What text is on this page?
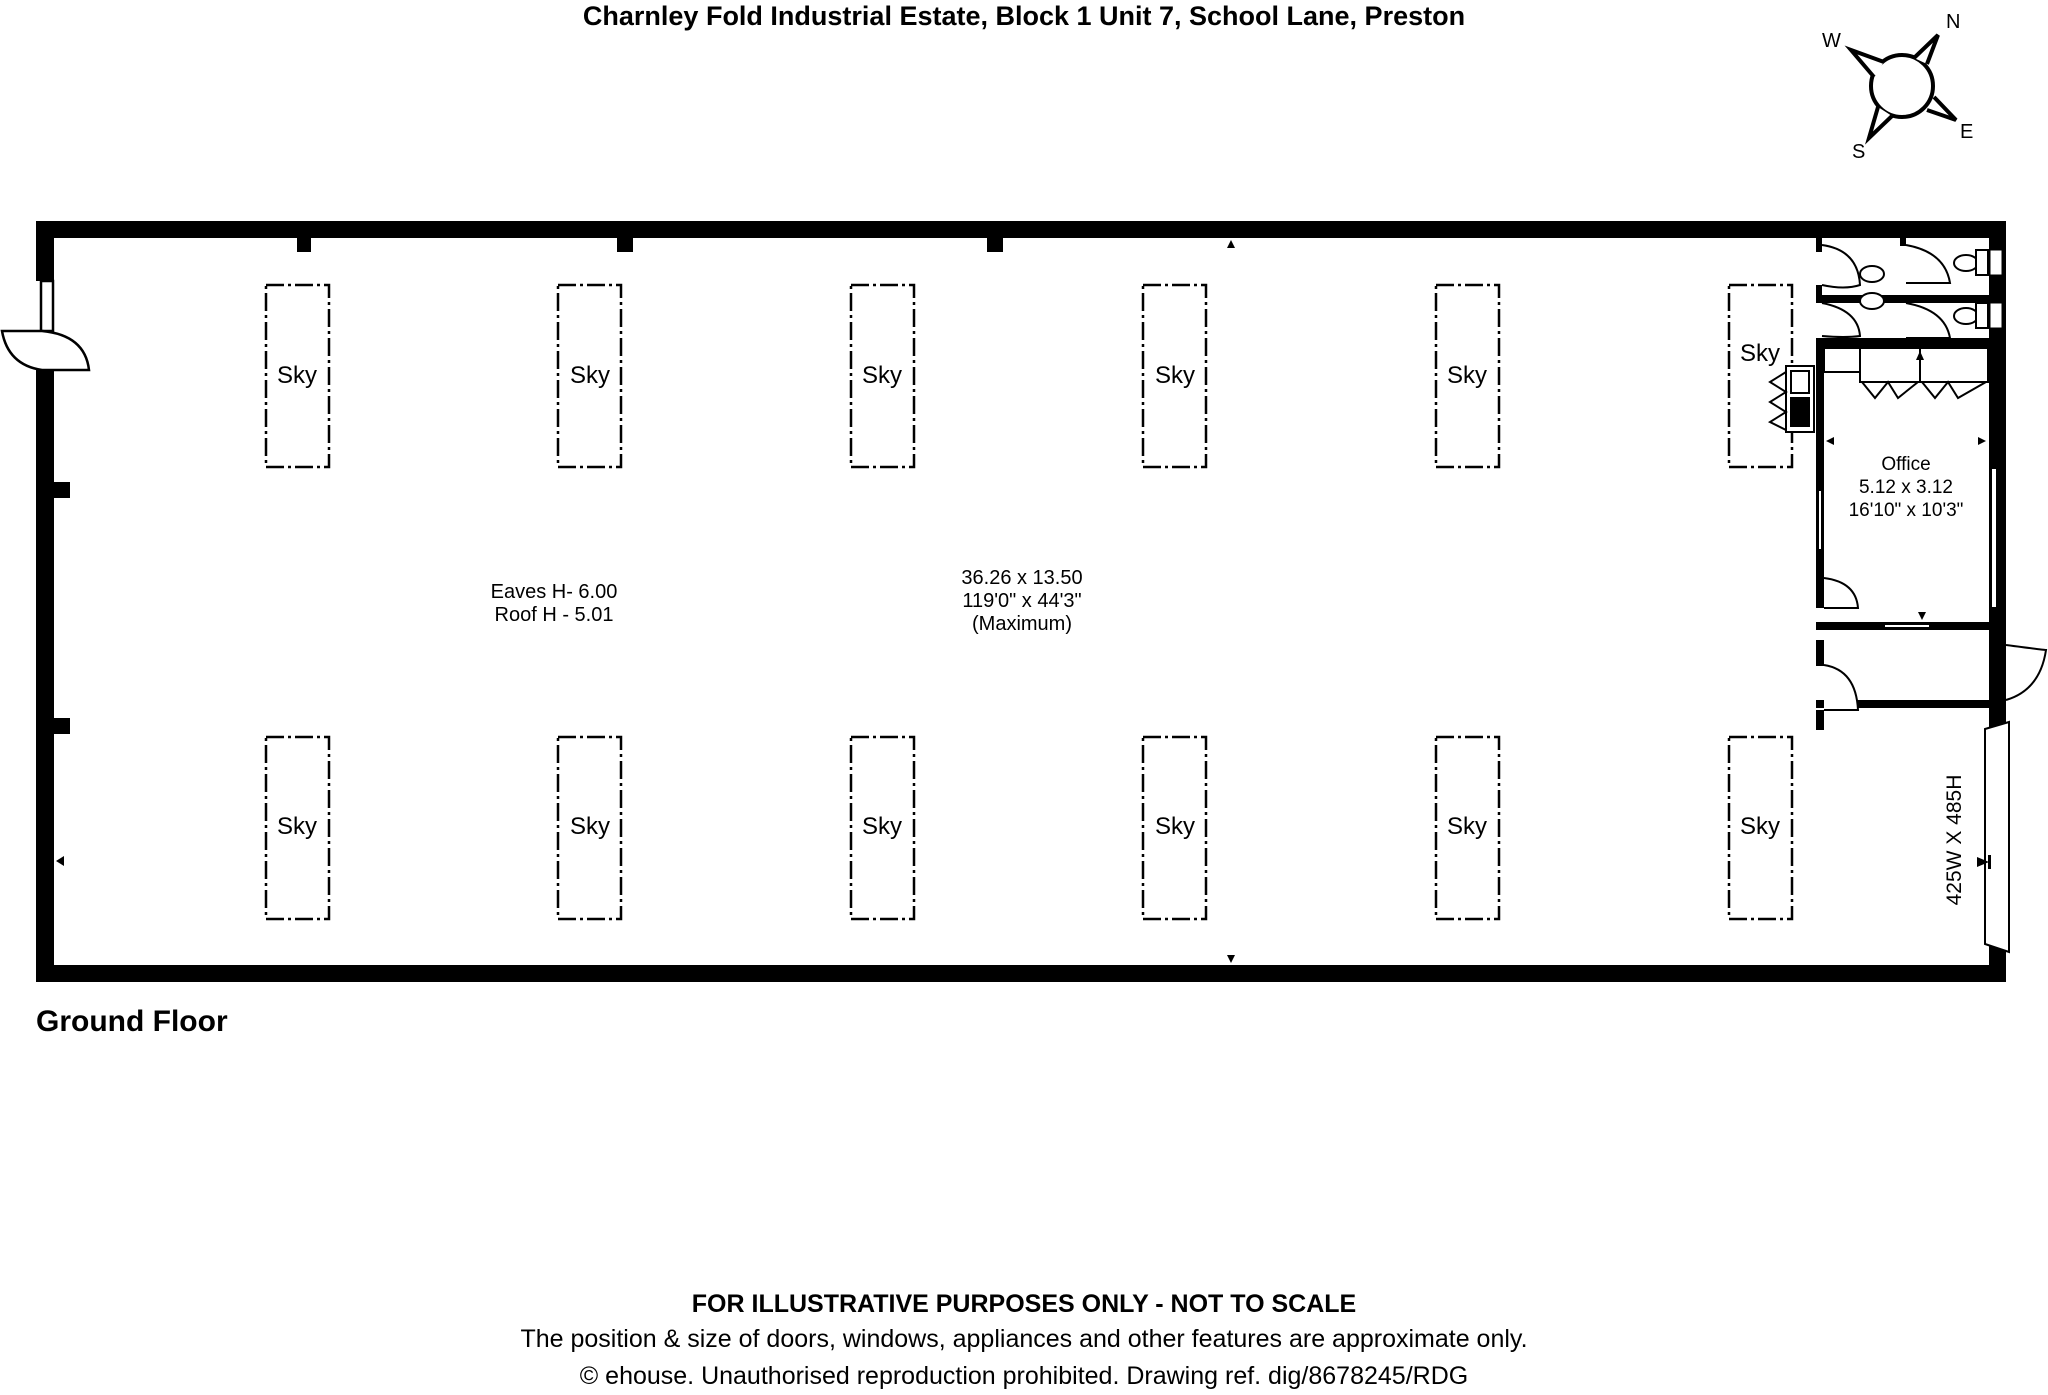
Charnley Fold Industrial Estate, Block 1 Unit 7, School Lane, Preston	N
E
S
W
Sky	Sky	Sky	Sky	Sky
Sky
Sky	Sky	Sky	Sky	Sky	Sky
Eaves H- 6.00
Roof H - 5.01
36.26 x 13.50
119'0" x 44'3"
(Maximum)
Office
5.12 x 3.12
16'10" x 10'3"
425W X 485H
Ground Floor
FOR ILLUSTRATIVE PURPOSES ONLY - NOT TO SCALE
The position & size of doors, windows, appliances and other features are approximate only.
© ehouse. Unauthorised reproduction prohibited. Drawing ref. dig/8678245/RDG
